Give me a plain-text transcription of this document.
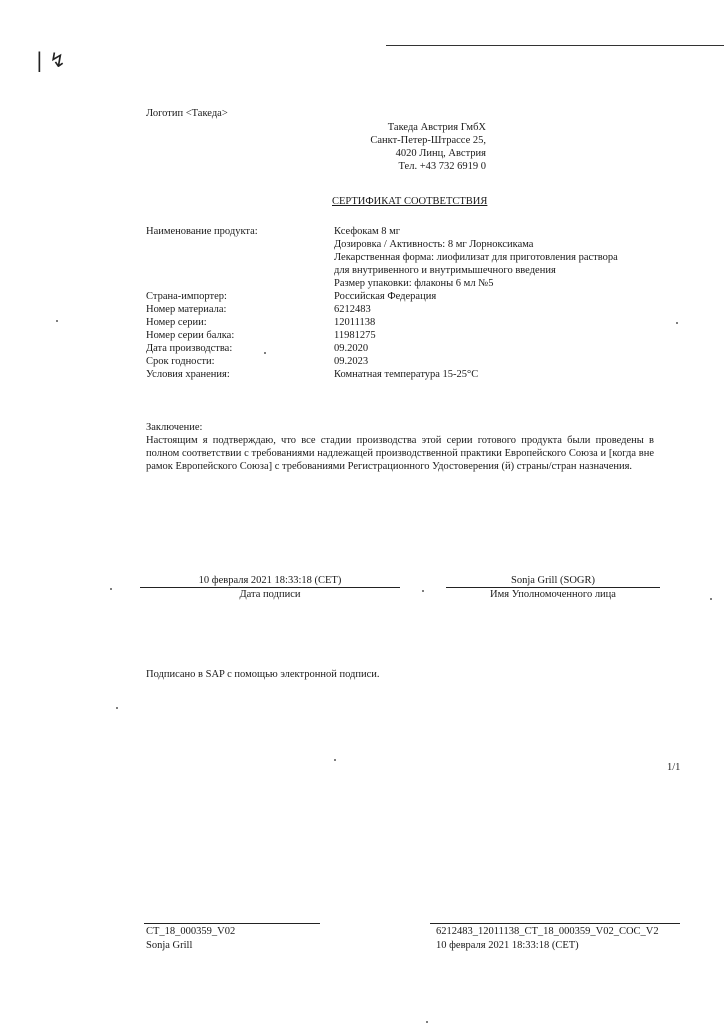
| ↯
Логотип <Такеда>
Такеда Австрия ГмбХ
Санкт-Петер-Штрассе 25,
4020 Линц, Австрия
Тел. +43 732 6919 0
СЕРТИФИКАТ СООТВЕТСТВИЯ
Наименование продукта:	Ксефокам 8 мг
Дозировка / Активность: 8 мг Лорноксикама
Лекарственная форма: лиофилизат для приготовления раствора
для внутривенного и внутримышечного введения
Размер упаковки: флаконы 6 мл №5
Страна-импортер:	Российская Федерация
Номер материала:	6212483
Номер серии:	12011138
Номер серии балка:	11981275
Дата производства:	09.2020
Срок годности:	09.2023
Условия хранения:	Комнатная температура 15-25°C
Заключение:
Настоящим я подтверждаю, что все стадии производства этой серии готового продукта были проведены в полном соответствии с требованиями надлежащей производственной практики Европейского Союза и [когда вне рамок Европейского Союза] с требованиями Регистрационного Удостоверения (й) страны/стран назначения.
10 февраля 2021 18:33:18 (CET)
Дата подписи
Sonja Grill (SOGR)
Имя Уполномоченного лица
Подписано в SAP с помощью электронной подписи.
1/1
CT_18_000359_V02
Sonja Grill
6212483_12011138_CT_18_000359_V02_COC_V2
10 февраля 2021 18:33:18 (CET)
